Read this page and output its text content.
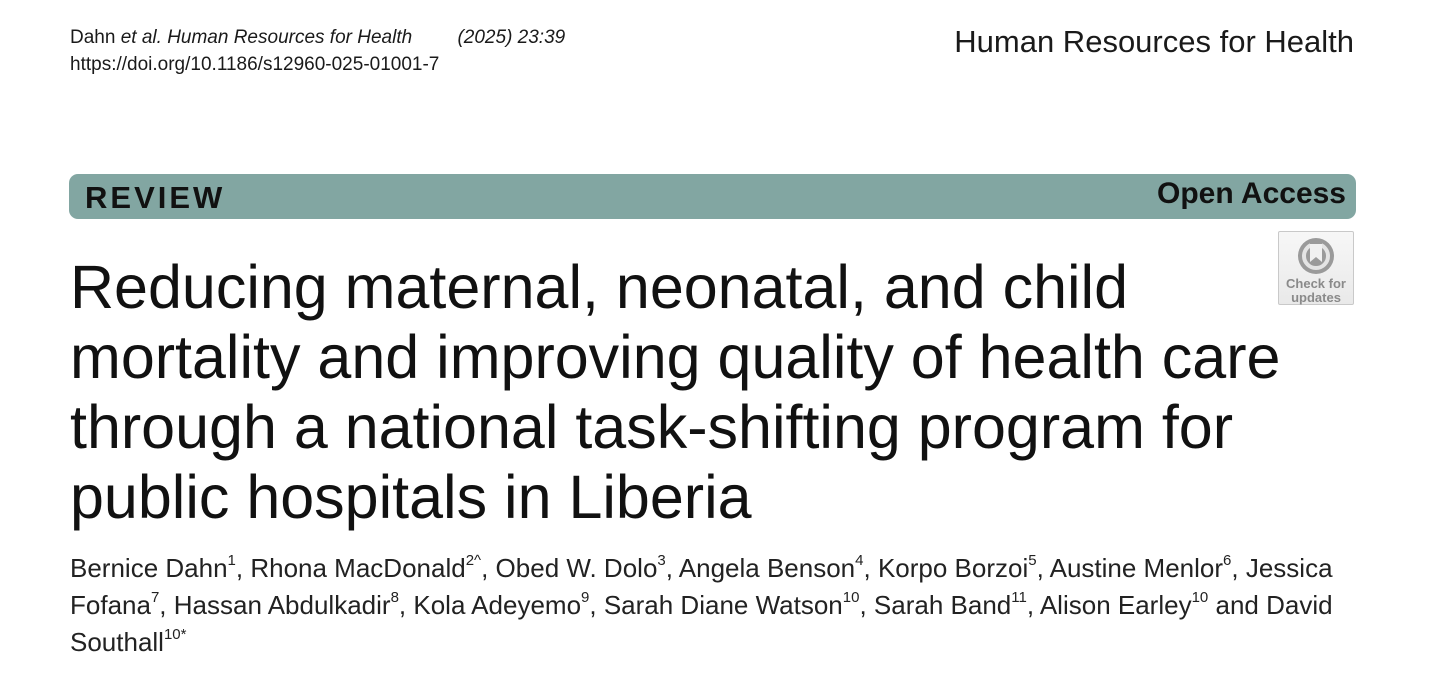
Dahn et al. Human Resources for Health (2025) 23:39
https://doi.org/10.1186/s12960-025-01001-7
Human Resources for Health
REVIEW	Open Access
Check for
updates
Reducing maternal, neonatal, and child mortality and improving quality of health care through a national task-shifting program for public hospitals in Liberia
Bernice Dahn$^1$, Rhona MacDonald$^{2\^{}}$, Obed W. Dolo$^3$, Angela Benson$^4$, Korpo Borzoi$^5$, Austine Menlor$^6$, Jessica Fofana$^7$, Hassan Abdulkadir$^8$, Kola Adeyemo$^9$, Sarah Diane Watson$^{10}$, Sarah Band$^{11}$, Alison Earley$^{10}$ and David Southall$^{10*}$
